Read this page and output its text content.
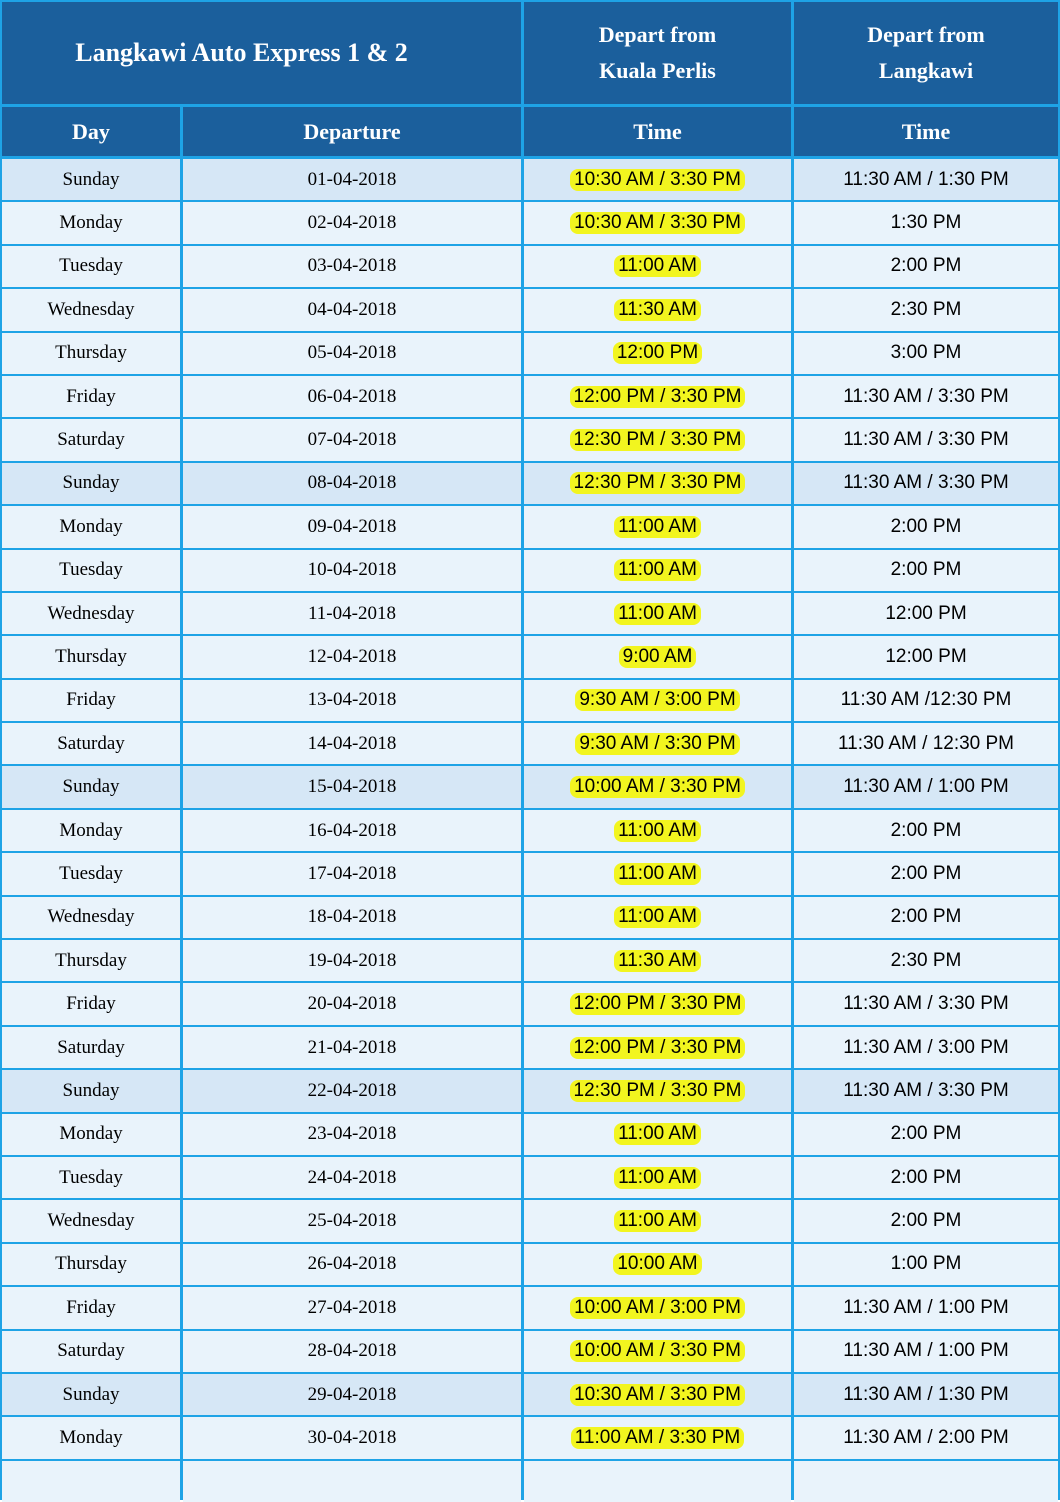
Langkawi Auto Express 1 & 2
Depart from
Kuala Perlis
Depart from
Langkawi
Day	Departure	Time	Time
Sunday	01-04-2018	10:30 AM / 3:30 PM	11:30 AM / 1:30 PM
Monday	02-04-2018	10:30 AM / 3:30 PM	1:30 PM
Tuesday	03-04-2018	11:00 AM	2:00 PM
Wednesday	04-04-2018	11:30 AM	2:30 PM
Thursday	05-04-2018	12:00 PM	3:00 PM
Friday	06-04-2018	12:00 PM / 3:30 PM	11:30 AM / 3:30 PM
Saturday	07-04-2018	12:30 PM / 3:30 PM	11:30 AM / 3:30 PM
Sunday	08-04-2018	12:30 PM / 3:30 PM	11:30 AM / 3:30 PM
Monday	09-04-2018	11:00 AM	2:00 PM
Tuesday	10-04-2018	11:00 AM	2:00 PM
Wednesday	11-04-2018	11:00 AM	12:00 PM
Thursday	12-04-2018	9:00 AM	12:00 PM
Friday	13-04-2018	9:30 AM / 3:00 PM	11:30 AM /12:30 PM
Saturday	14-04-2018	9:30 AM / 3:30 PM	11:30 AM / 12:30 PM
Sunday	15-04-2018	10:00 AM / 3:30 PM	11:30 AM / 1:00 PM
Monday	16-04-2018	11:00 AM	2:00 PM
Tuesday	17-04-2018	11:00 AM	2:00 PM
Wednesday	18-04-2018	11:00 AM	2:00 PM
Thursday	19-04-2018	11:30 AM	2:30 PM
Friday	20-04-2018	12:00 PM / 3:30 PM	11:30 AM / 3:30 PM
Saturday	21-04-2018	12:00 PM / 3:30 PM	11:30 AM / 3:00 PM
Sunday	22-04-2018	12:30 PM / 3:30 PM	11:30 AM / 3:30 PM
Monday	23-04-2018	11:00 AM	2:00 PM
Tuesday	24-04-2018	11:00 AM	2:00 PM
Wednesday	25-04-2018	11:00 AM	2:00 PM
Thursday	26-04-2018	10:00 AM	1:00 PM
Friday	27-04-2018	10:00 AM / 3:00 PM	11:30 AM / 1:00 PM
Saturday	28-04-2018	10:00 AM / 3:30 PM	11:30 AM / 1:00 PM
Sunday	29-04-2018	10:30 AM / 3:30 PM	11:30 AM / 1:30 PM
Monday	30-04-2018	11:00 AM / 3:30 PM	11:30 AM / 2:00 PM
